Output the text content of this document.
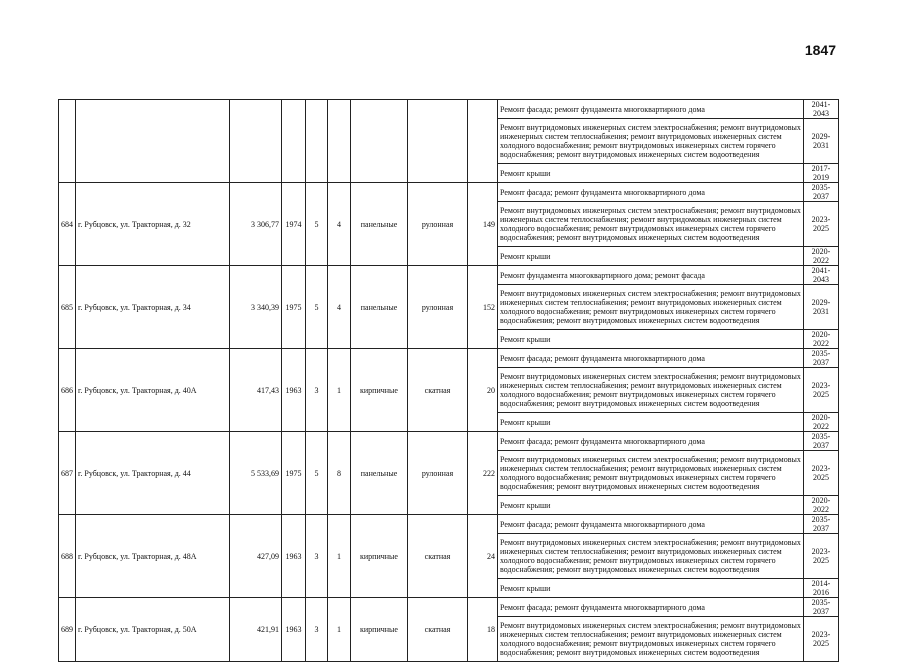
1847
									Ремонт фасада; ремонт фундамента многоквартирного дома	2041-2043
									Ремонт внутридомовых инженерных систем электроснабжения; ремонт внутридомовых инженерных систем теплоснабжения; ремонт внутридомовых инженерных систем холодного водоснабжения; ремонт внутридомовых инженерных систем горячего водоснабжения; ремонт внутридомовых инженерных систем водоотведения	2029-2031
									Ремонт крыши	2017-2019
684	г. Рубцовск, ул. Тракторная, д. 32	3 306,77	1974	5	4	панельные	рулонная	149	Ремонт фасада; ремонт фундамента многоквартирного дома	2035-2037
									Ремонт внутридомовых инженерных систем электроснабжения; ремонт внутридомовых инженерных систем теплоснабжения; ремонт внутридомовых инженерных систем холодного водоснабжения; ремонт внутридомовых инженерных систем горячего водоснабжения; ремонт внутридомовых инженерных систем водоотведения	2023-2025
									Ремонт крыши	2020-2022
685	г. Рубцовск, ул. Тракторная, д. 34	3 340,39	1975	5	4	панельные	рулонная	152	Ремонт фундамента многоквартирного дома; ремонт фасада	2041-2043
									Ремонт внутридомовых инженерных систем электроснабжения; ремонт внутридомовых инженерных систем теплоснабжения; ремонт внутридомовых инженерных систем холодного водоснабжения; ремонт внутридомовых инженерных систем горячего водоснабжения; ремонт внутридомовых инженерных систем водоотведения	2029-2031
									Ремонт крыши	2020-2022
686	г. Рубцовск, ул. Тракторная, д. 40А	417,43	1963	3	1	кирпичные	скатная	20	Ремонт фасада; ремонт фундамента многоквартирного дома	2035-2037
									Ремонт внутридомовых инженерных систем электроснабжения; ремонт внутридомовых инженерных систем теплоснабжения; ремонт внутридомовых инженерных систем холодного водоснабжения; ремонт внутридомовых инженерных систем горячего водоснабжения; ремонт внутридомовых инженерных систем водоотведения	2023-2025
									Ремонт крыши	2020-2022
687	г. Рубцовск, ул. Тракторная, д. 44	5 533,69	1975	5	8	панельные	рулонная	222	Ремонт фасада; ремонт фундамента многоквартирного дома	2035-2037
									Ремонт внутридомовых инженерных систем электроснабжения; ремонт внутридомовых инженерных систем теплоснабжения; ремонт внутридомовых инженерных систем холодного водоснабжения; ремонт внутридомовых инженерных систем горячего водоснабжения; ремонт внутридомовых инженерных систем водоотведения	2023-2025
									Ремонт крыши	2020-2022
688	г. Рубцовск, ул. Тракторная, д. 48А	427,09	1963	3	1	кирпичные	скатная	24	Ремонт фасада; ремонт фундамента многоквартирного дома	2035-2037
									Ремонт внутридомовых инженерных систем электроснабжения; ремонт внутридомовых инженерных систем теплоснабжения; ремонт внутридомовых инженерных систем холодного водоснабжения; ремонт внутридомовых инженерных систем горячего водоснабжения; ремонт внутридомовых инженерных систем водоотведения	2023-2025
									Ремонт крыши	2014-2016
689	г. Рубцовск, ул. Тракторная, д. 50А	421,91	1963	3	1	кирпичные	скатная	18	Ремонт фасада; ремонт фундамента многоквартирного дома	2035-2037
									Ремонт внутридомовых инженерных систем электроснабжения; ремонт внутридомовых инженерных систем теплоснабжения; ремонт внутридомовых инженерных систем холодного водоснабжения; ремонт внутридомовых инженерных систем горячего водоснабжения; ремонт внутридомовых инженерных систем водоотведения	2023-2025
